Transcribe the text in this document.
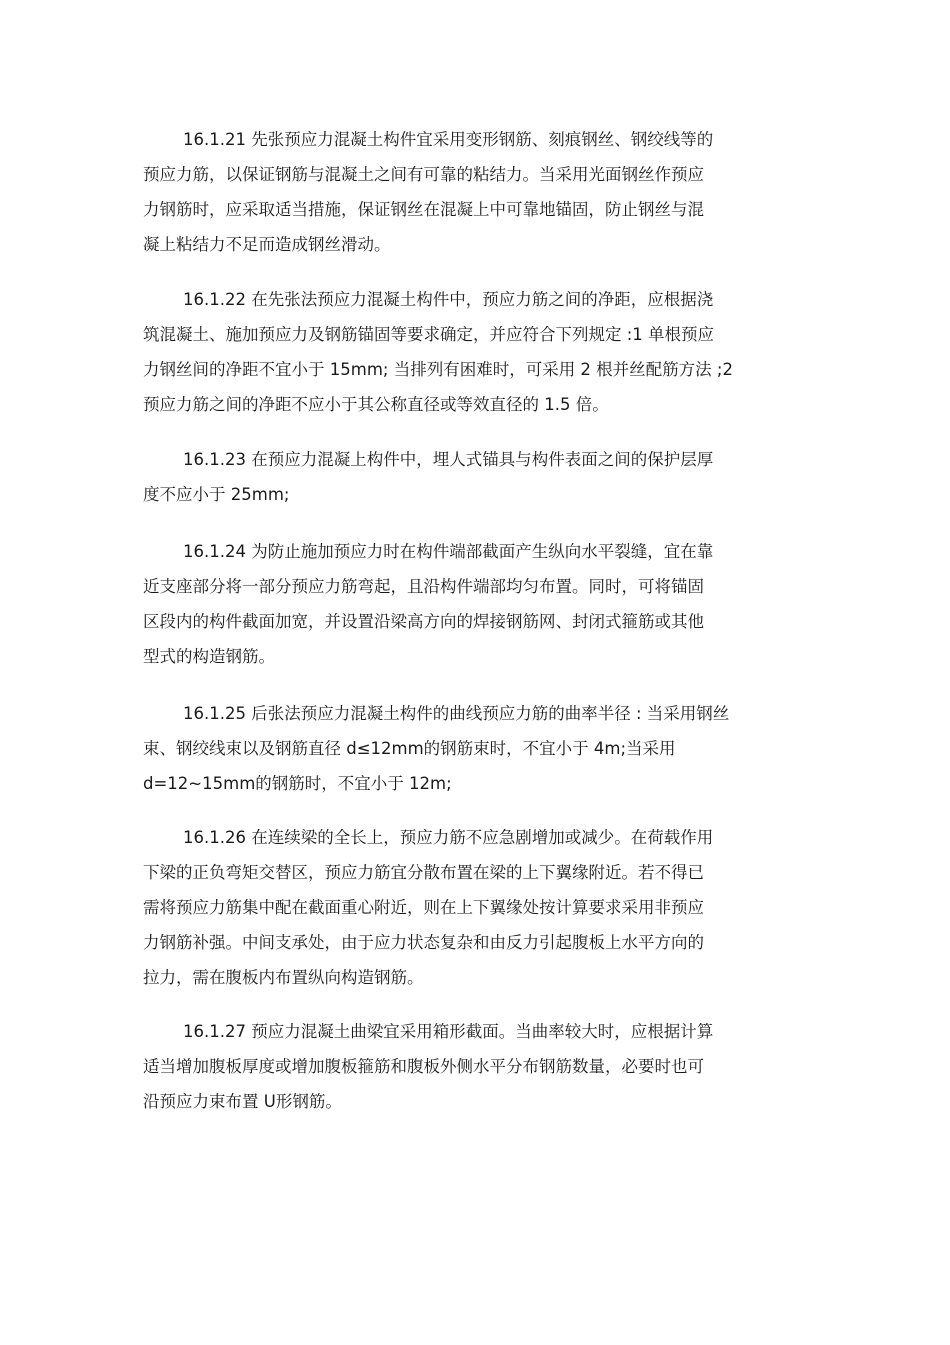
16.1.21 先张预应力混凝土构件宜采用变形钢筋、刻痕钢丝、钢绞线等的
预应力筋，以保证钢筋与混凝土之间有可靠的粘结力。当采用光面钢丝作预应
力钢筋时，应采取适当措施，保证钢丝在混凝上中可靠地锚固，防止钢丝与混
凝上粘结力不足而造成钢丝滑动。
16.1.22 在先张法预应力混凝土构件中，预应力筋之间的净距，应根据浇
筑混凝土、施加预应力及钢筋锚固等要求确定，并应符合下列规定 :1 单根预应
力钢丝间的净距不宜小于 15mm; 当排列有困难时，可采用 2 根并丝配筋方法 ;2
预应力筋之间的净距不应小于其公称直径或等效直径的 1.5 倍。
16.1.23 在预应力混凝上构件中，埋人式锚具与构件表面之间的保护层厚
度不应小于 25mm;
16.1.24 为防止施加预应力时在构件端部截面产生纵向水平裂缝，宜在靠
近支座部分将一部分预应力筋弯起，且沿构件端部均匀布置。同时，可将锚固
区段内的构件截面加宽，并设置沿梁高方向的焊接钢筋网、封闭式箍筋或其他
型式的构造钢筋。
16.1.25 后张法预应力混凝土构件的曲线预应力筋的曲率半径 : 当采用钢丝
束、钢绞线束以及钢筋直径 d≤12mm的钢筋束时，不宜小于 4m;当采用
d=12~15mm的钢筋时，不宜小于 12m;
16.1.26 在连续梁的全长上，预应力筋不应急剧增加或减少。在荷载作用
下梁的正负弯矩交替区，预应力筋宜分散布置在梁的上下翼缘附近。若不得已
需将预应力筋集中配在截面重心附近，则在上下翼缘处按计算要求采用非预应
力钢筋补强。中间支承处，由于应力状态复杂和由反力引起腹板上水平方向的
拉力，需在腹板内布置纵向构造钢筋。
16.1.27 预应力混凝土曲梁宜采用箱形截面。当曲率较大时，应根据计算
适当增加腹板厚度或增加腹板箍筋和腹板外侧水平分布钢筋数量，必要时也可
沿预应力束布置 U形钢筋。
